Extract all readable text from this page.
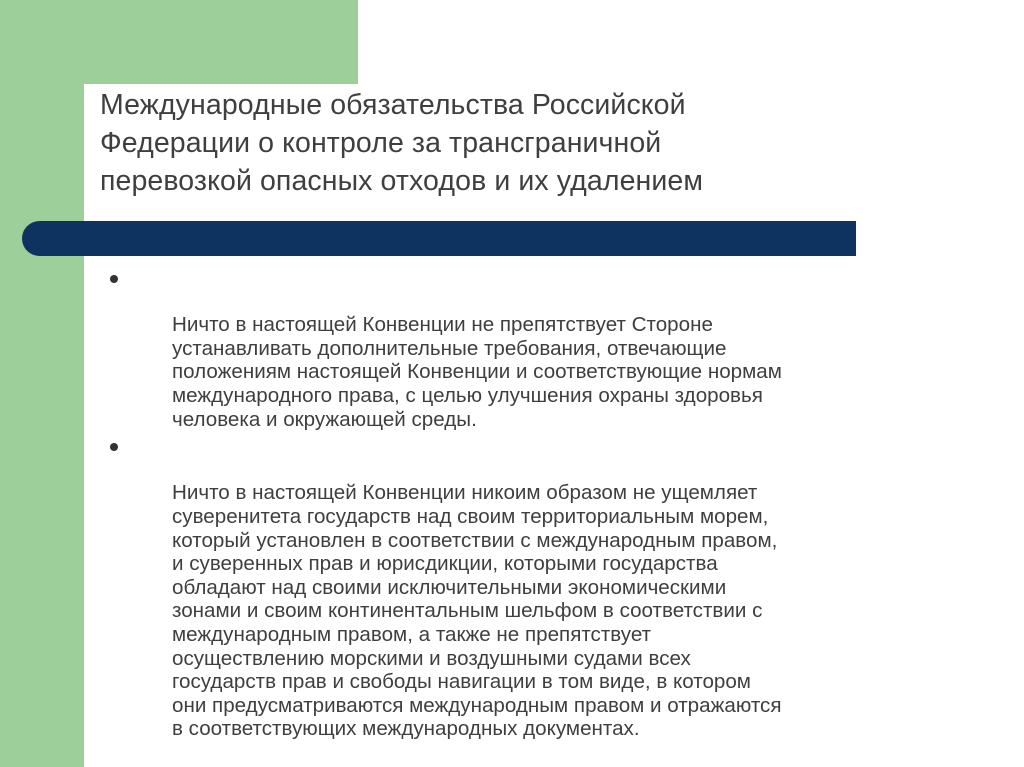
Международные обязательства Российской
Федерации о контроле за трансграничной
перевозкой опасных отходов и их удалением

Ничто в настоящей Конвенции не препятствует Стороне
устанавливать дополнительные требования, отвечающие
положениям настоящей Конвенции и соответствующие нормам
международного права, с целью улучшения охраны здоровья
человека и окружающей среды.

Ничто в настоящей Конвенции никоим образом не ущемляет
суверенитета государств над своим территориальным морем,
который установлен в соответствии с международным правом,
и суверенных прав и юрисдикции, которыми государства
обладают над своими исключительными экономическими
зонами и своим континентальным шельфом в соответствии с
международным правом, а также не препятствует
осуществлению морскими и воздушными судами всех
государств прав и свободы навигации в том виде, в котором
они предусматриваются международным правом и отражаются
в соответствующих международных документах.
